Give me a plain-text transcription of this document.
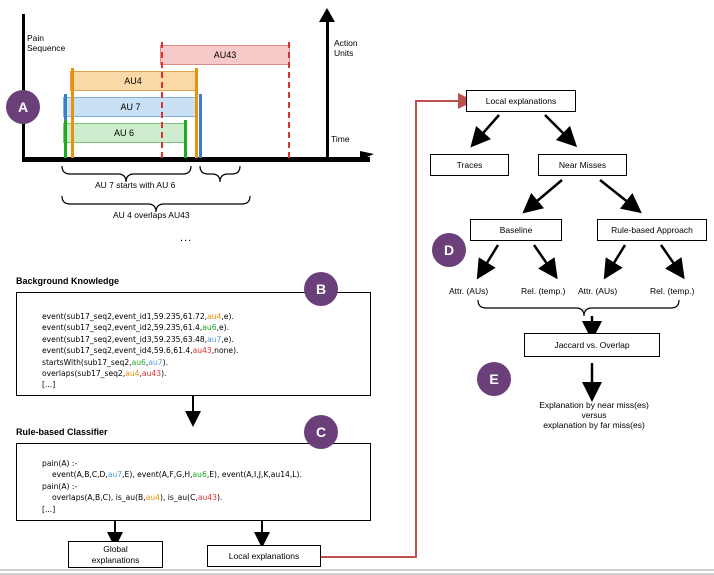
Pain
Sequence
Action
Units
Time
AU43
AU4
AU 7
AU 6
AU 7 starts with AU 6
AU 4 overlaps AU43
...
A
Background Knowledge
event(sub17_seq2,event_id1,59.235,61.72,au4,e).
event(sub17_seq2,event_id2,59.235,61.4,au6,e).
event(sub17_seq2,event_id3,59.235,63.48,au7,e).
event(sub17_seq2,event_id4,59.6,61.4,au43,none).
startsWith(sub17_seq2,au6,au7).
overlaps(sub17_seq2,au4,au43).
[...]
B
Rule-based Classifier
pain(A) :-
event(A,B,C,D,au7,E), event(A,F,G,H,au6,E), event(A,I,J,K,au14,L).
pain(A) :-
overlaps(A,B,C), is_au(B,au4), is_au(C,au43).
[...]
C
Global
explanations	Local explanations
Local explanations
Traces	Near Misses
Baseline	Rule-based Approach
Attr. (AUs)	Rel. (temp.) Attr. (AUs)	Rel. (temp.)
Jaccard vs. Overlap
Explanation by near miss(es)
versus
explanation by far miss(es)
D
E
